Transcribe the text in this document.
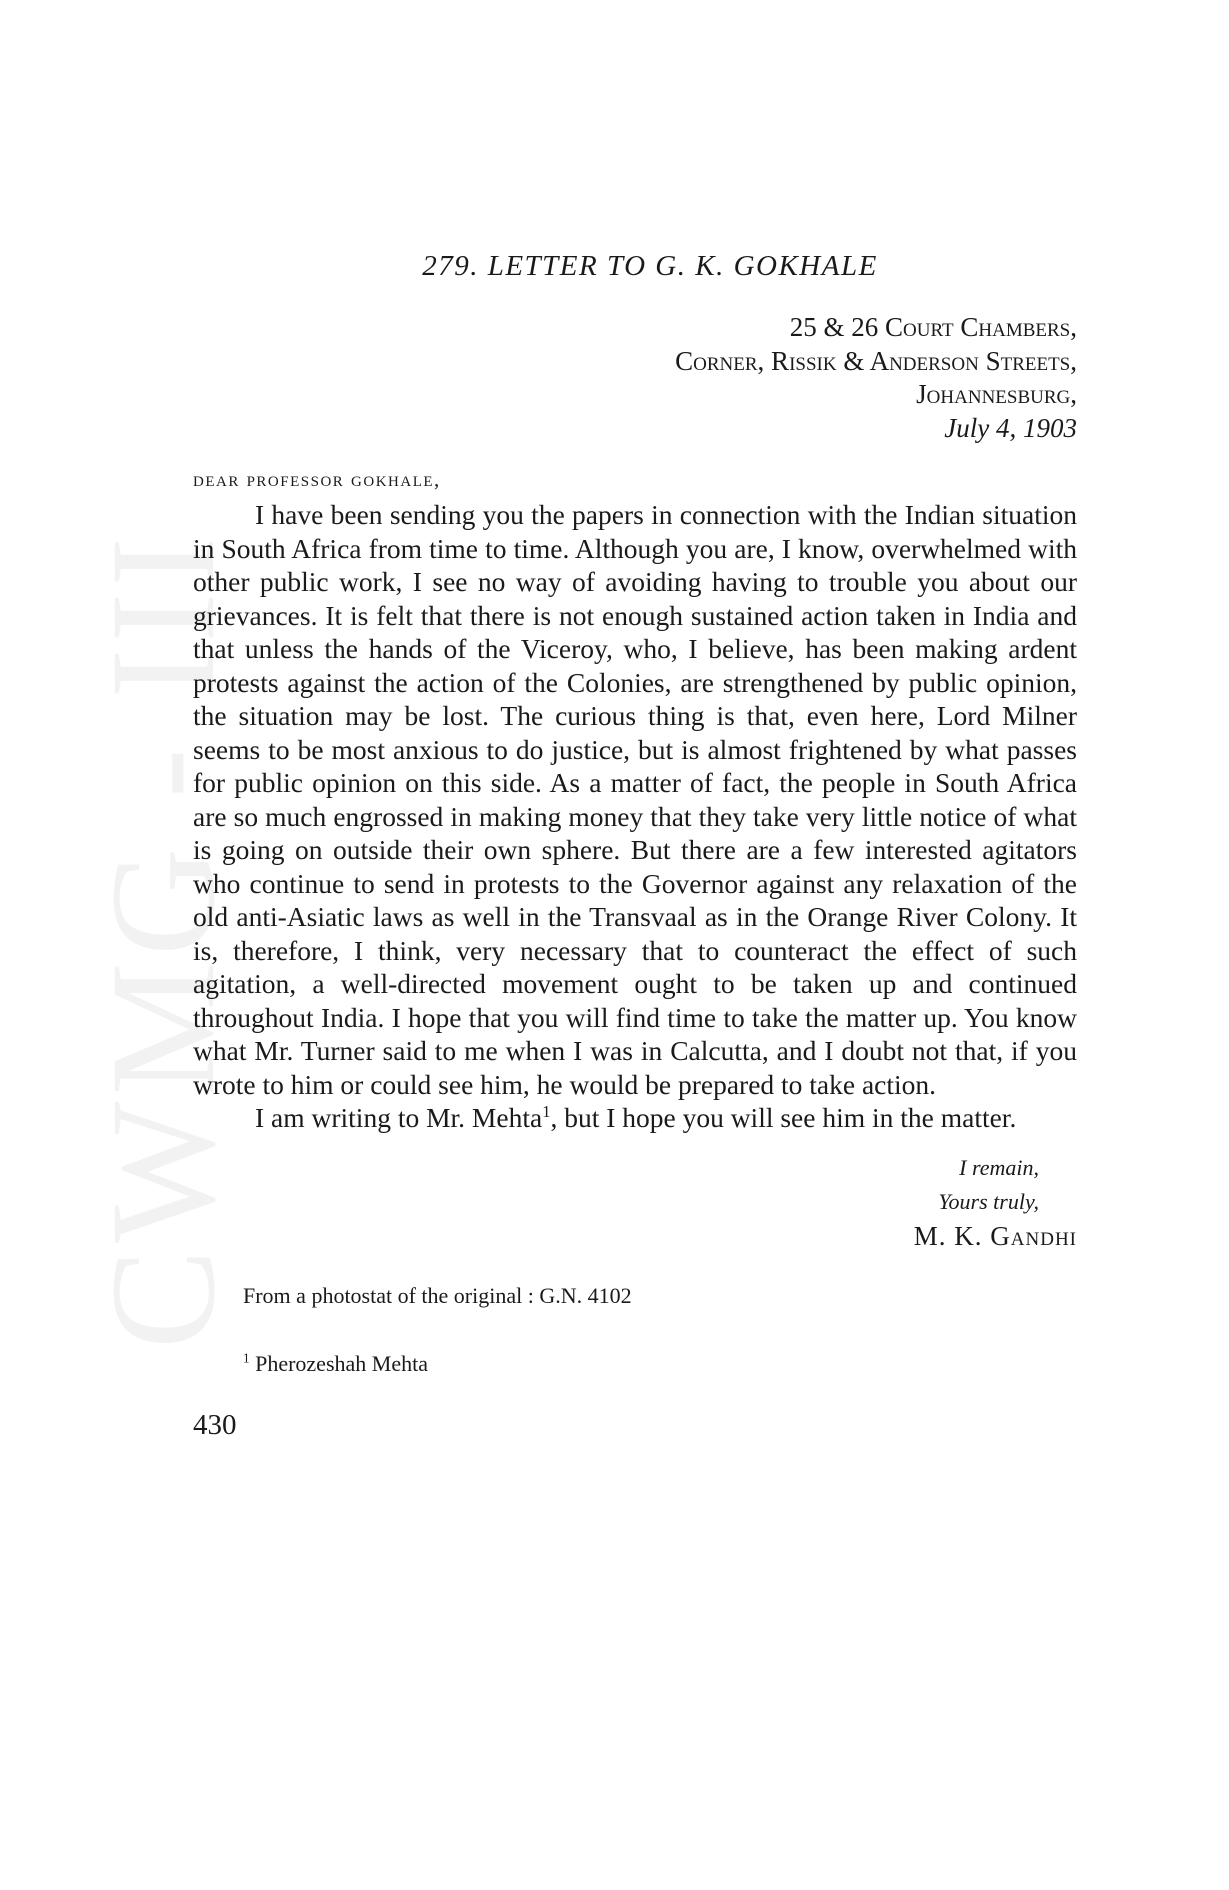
CWMG - III
279. LETTER TO G. K. GOKHALE
25 & 26 Court Chambers,
Corner, Rissik & Anderson Streets,
Johannesburg,
July 4, 1903
dear professor gokhale,

I have been sending you the papers in connection with the Indian situation in South Africa from time to time. Although you are, I know, overwhelmed with other public work, I see no way of avoiding having to trouble you about our grievances. It is felt that there is not enough sustained action taken in India and that unless the hands of the Viceroy, who, I believe, has been making ardent protests against the action of the Colonies, are strengthened by public opinion, the situation may be lost. The curious thing is that, even here, Lord Milner seems to be most anxious to do justice, but is almost frightened by what passes for public opinion on this side. As a matter of fact, the people in South Africa are so much engrossed in making money that they take very little notice of what is going on outside their own sphere. But there are a few interested agitators who continue to send in protests to the Governor against any relaxation of the old anti-Asiatic laws as well in the Transvaal as in the Orange River Colony. It is, therefore, I think, very necessary that to counteract the effect of such agitation, a well-directed movement ought to be taken up and continued throughout India. I hope that you will find time to take the matter up. You know what Mr. Turner said to me when I was in Calcutta, and I doubt not that, if you wrote to him or could see him, he would be prepared to take action.

I am writing to Mr. Mehta$^1$, but I hope you will see him in the matter.

I remain,
Yours truly,
M. K. Gandhi
From a photostat of the original : G.N. 4102
$^1$ Pherozeshah Mehta
430
